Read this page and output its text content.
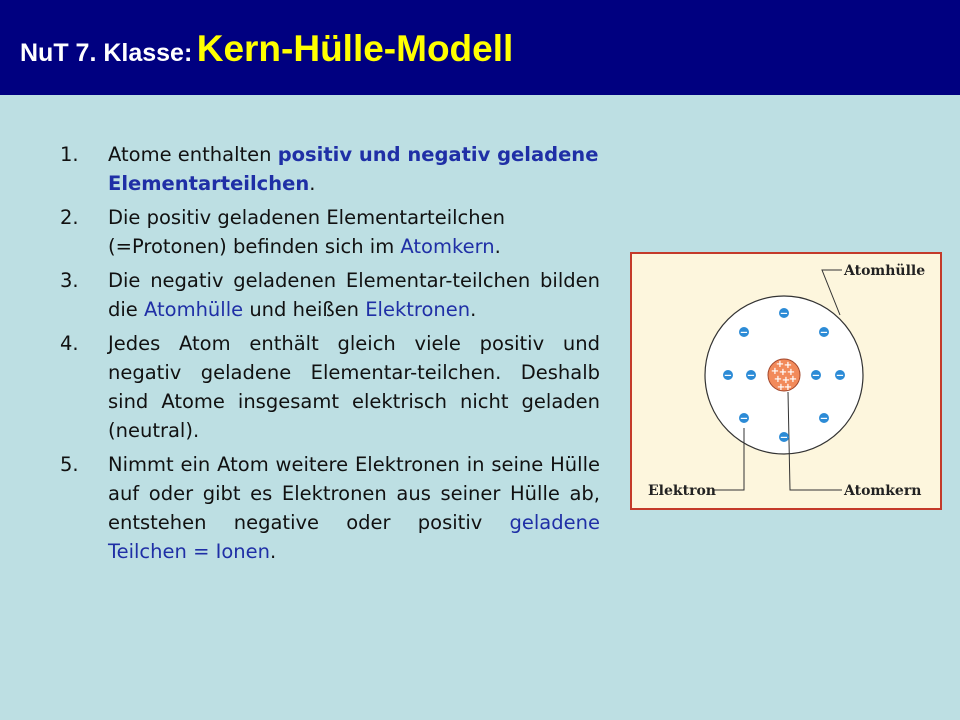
NuT 7. Klasse: Kern-Hülle-Modell
1. Atome enthalten positiv und negativ geladene Elementarteilchen.
2. Die positiv geladenen Elementarteilchen (=Protonen) befinden sich im Atomkern.
3. Die negativ geladenen Elementar-teilchen bilden die Atomhülle und heißen Elektronen.
4. Jedes Atom enthält gleich viele positiv und negativ geladene Elementar-teilchen. Deshalb sind Atome insgesamt elektrisch nicht geladen (neutral).
5. Nimmt ein Atom weitere Elektronen in seine Hülle auf oder gibt es Elektronen aus seiner Hülle ab, entstehen negative oder positiv geladene Teilchen = Ionen.
+ +
+ + +
+ +
+
+
+
−
−	−
− −	− −
−	−
−
Atomhülle
Elektron	Atomkern
